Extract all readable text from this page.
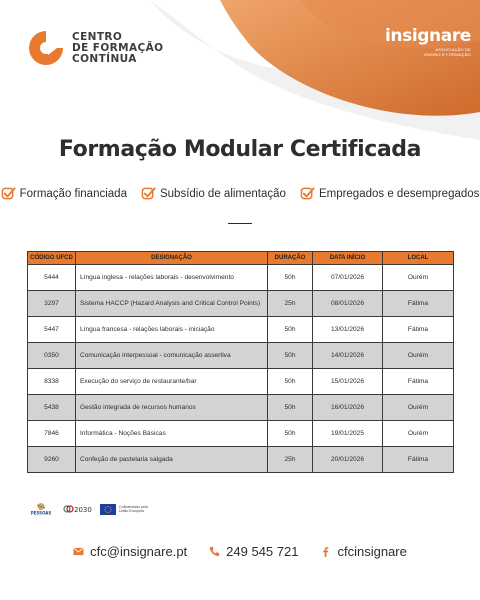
CENTRO
DE FORMAÇÃO
CONTÍNUA
insignare
ASSOCIAÇÃO DE
ENSINO E FORMAÇÃO
Formação Modular Certificada
Formação financiada	Subsídio de alimentação	Empregados e desempregados
CÓDIGO UFCD	DESIGNAÇÃO	DURAÇÃO	DATA INÍCIO	LOCAL
5444	Língua inglesa - relações laborais - desenvolvimento	50h	07/01/2026	Ourém
3297	Sistema HACCP (Hazard Analysis and Critical Control Points)	25h	08/01/2026	Fátima
5447	Língua francesa - relações laborais - iniciação	50h	13/01/2026	Fátima
0350	Comunicação interpessoal - comunicação assertiva	50h	14/01/2026	Ourém
8338	Execução do serviço de restaurante/bar	50h	15/01/2026	Fátima
5438	Gestão integrada de recursos humanos	50h	16/01/2026	Ourém
7846	Informática - Noções Básicas	50h	19/01/2025	Ourém
9260	Confeção de pastelaria salgada	25h	20/01/2026	Fátima
PESSOAS	2030	Cofinanciado pela
União Europeia
cfc@insignare.pt	249 545 721	cfcinsignare
